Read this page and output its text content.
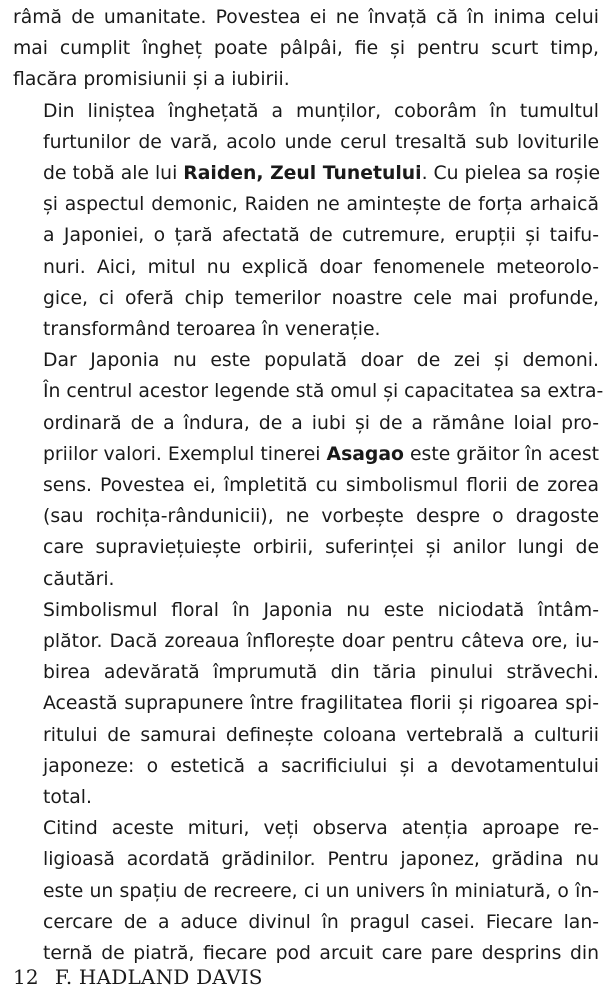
râmă de umanitate. Povestea ei ne învață că în inima celui
mai cumplit îngheț poate pâlpâi, fie și pentru scurt timp,
flacăra promisiunii și a iubirii.
Din liniștea înghețată a munților, coborâm în tumultul
furtunilor de vară, acolo unde cerul tresaltă sub loviturile
de tobă ale lui Raiden, Zeul Tunetului. Cu pielea sa roșie
și aspectul demonic, Raiden ne amintește de forța arhaică
a Japoniei, o țară afectată de cutremure, erupții și taifu-
nuri. Aici, mitul nu explică doar fenomenele meteorolo-
gice, ci oferă chip temerilor noastre cele mai profunde,
transformând teroarea în venerație.
Dar Japonia nu este populată doar de zei și demoni.
În centrul acestor legende stă omul și capacitatea sa extra-
ordinară de a îndura, de a iubi și de a rămâne loial pro-
priilor valori. Exemplul tinerei Asagao este grăitor în acest
sens. Povestea ei, împletită cu simbolismul florii de zorea
(sau rochița-rândunicii), ne vorbește despre o dragoste
care supraviețuiește orbirii, suferinței și anilor lungi de
căutări.
Simbolismul floral în Japonia nu este niciodată întâm-
plător. Dacă zoreaua înflorește doar pentru câteva ore, iu-
birea adevărată împrumută din tăria pinului străvechi.
Această suprapunere între fragilitatea florii și rigoarea spi-
ritului de samurai definește coloana vertebrală a culturii
japoneze: o estetică a sacrificiului și a devotamentului
total.
Citind aceste mituri, veți observa atenția aproape re-
ligioasă acordată grădinilor. Pentru japonez, grădina nu
este un spațiu de recreere, ci un univers în miniatură, o în-
cercare de a aduce divinul în pragul casei. Fiecare lan-
ternă de piatră, fiecare pod arcuit care pare desprins din
12 F. HADLAND DAVIS
